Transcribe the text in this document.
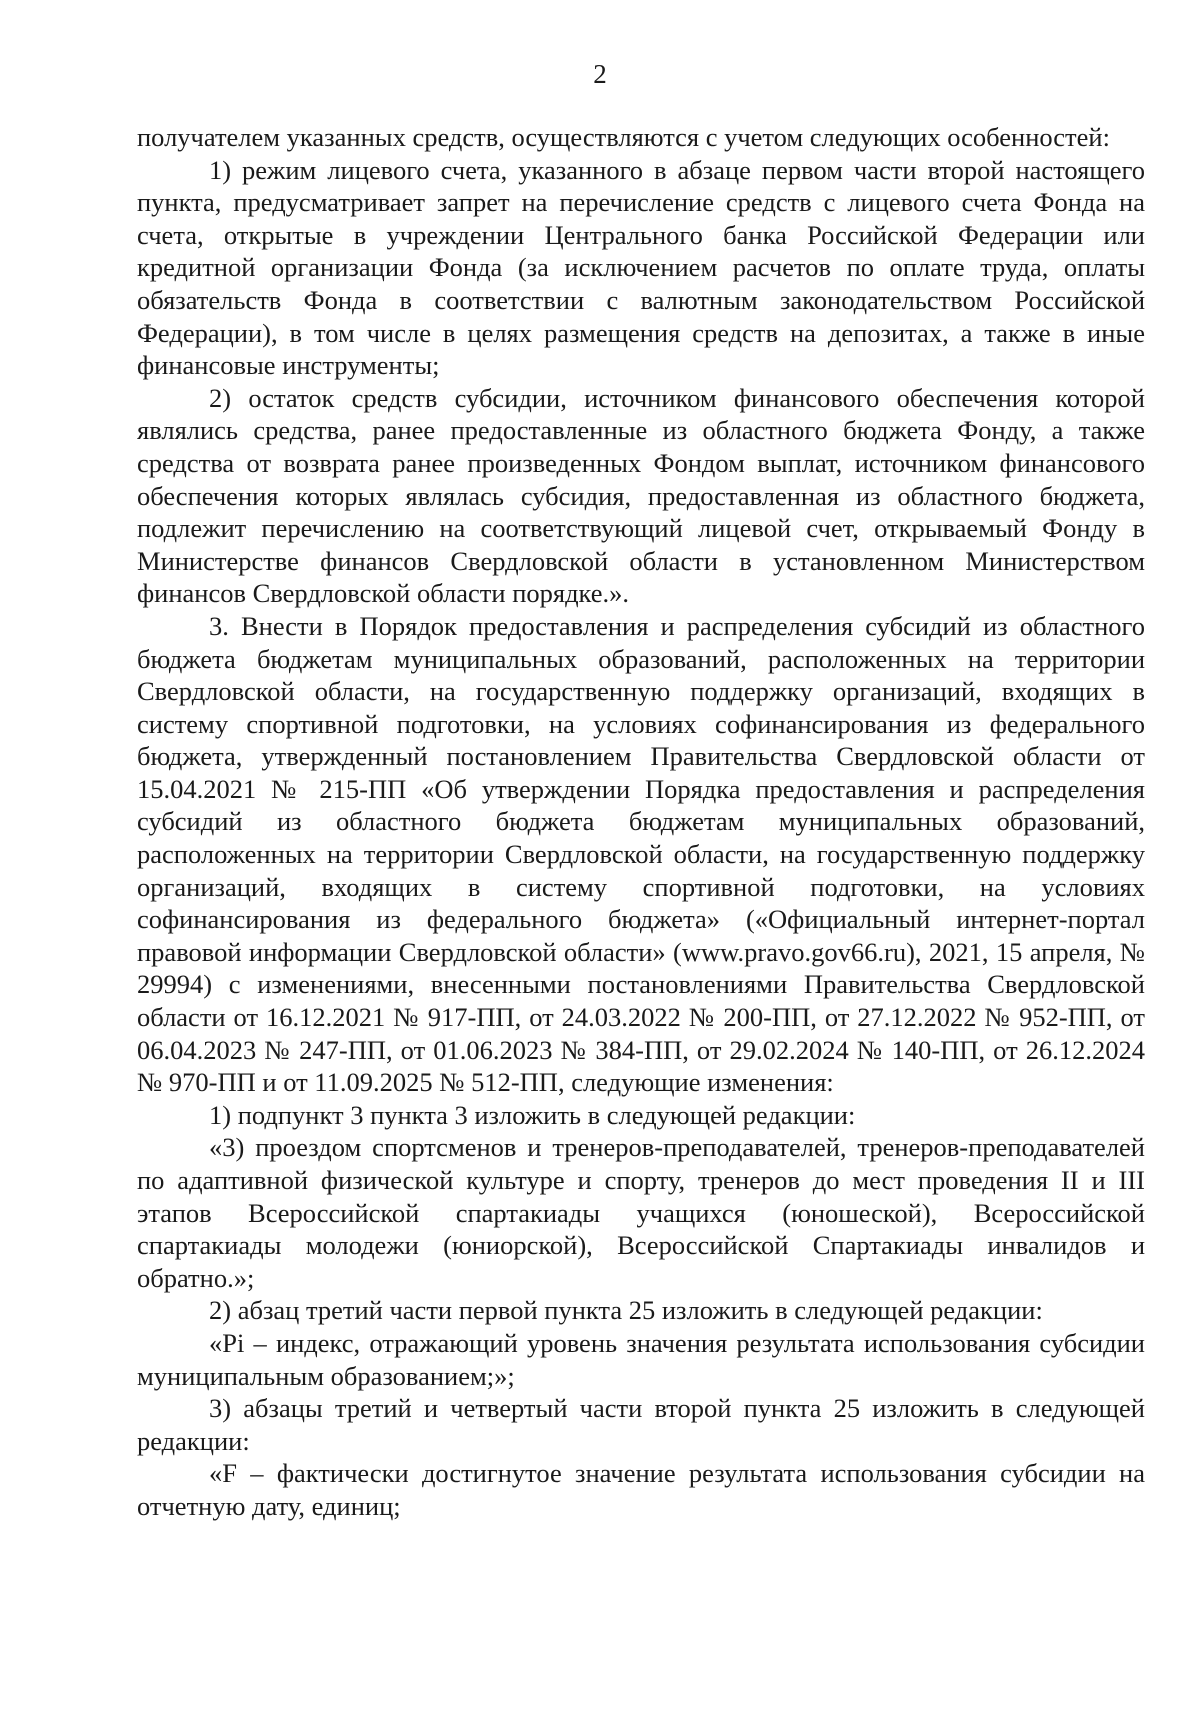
2

получателем указанных средств, осуществляются с учетом следующих особенностей:

1) режим лицевого счета, указанного в абзаце первом части второй настоящего пункта, предусматривает запрет на перечисление средств с лицевого счета Фонда на счета, открытые в учреждении Центрального банка Российской Федерации или кредитной организации Фонда (за исключением расчетов по оплате труда, оплаты обязательств Фонда в соответствии с валютным законодательством Российской Федерации), в том числе в целях размещения средств на депозитах, а также в иные финансовые инструменты;

2) остаток средств субсидии, источником финансового обеспечения которой являлись средства, ранее предоставленные из областного бюджета Фонду, а также средства от возврата ранее произведенных Фондом выплат, источником финансового обеспечения которых являлась субсидия, предоставленная из областного бюджета, подлежит перечислению на соответствующий лицевой счет, открываемый Фонду в Министерстве финансов Свердловской области в установленном Министерством финансов Свердловской области порядке.».

3. Внести в Порядок предоставления и распределения субсидий из областного бюджета бюджетам муниципальных образований, расположенных на территории Свердловской области, на государственную поддержку организаций, входящих в систему спортивной подготовки, на условиях софинансирования из федерального бюджета, утвержденный постановлением Правительства Свердловской области от 15.04.2021 № 215-ПП «Об утверждении Порядка предоставления и распределения субсидий из областного бюджета бюджетам муниципальных образований, расположенных на территории Свердловской области, на государственную поддержку организаций, входящих в систему спортивной подготовки, на условиях софинансирования из федерального бюджета» («Официальный интернет-портал правовой информации Свердловской области» (www.pravo.gov66.ru), 2021, 15 апреля, № 29994) с изменениями, внесенными постановлениями Правительства Свердловской области от 16.12.2021 № 917-ПП, от 24.03.2022 № 200-ПП, от 27.12.2022 № 952-ПП, от 06.04.2023 № 247-ПП, от 01.06.2023 № 384-ПП, от 29.02.2024 № 140-ПП, от 26.12.2024 № 970-ПП и от 11.09.2025 № 512-ПП, следующие изменения:

1) подпункт 3 пункта 3 изложить в следующей редакции:

«3) проездом спортсменов и тренеров-преподавателей, тренеров-преподавателей по адаптивной физической культуре и спорту, тренеров до мест проведения II и III этапов Всероссийской спартакиады учащихся (юношеской), Всероссийской спартакиады молодежи (юниорской), Всероссийской Спартакиады инвалидов и обратно.»;

2) абзац третий части первой пункта 25 изложить в следующей редакции:

«Pi – индекс, отражающий уровень значения результата использования субсидии муниципальным образованием;»;

3) абзацы третий и четвертый части второй пункта 25 изложить в следующей редакции:

«F – фактически достигнутое значение результата использования субсидии на отчетную дату, единиц;
